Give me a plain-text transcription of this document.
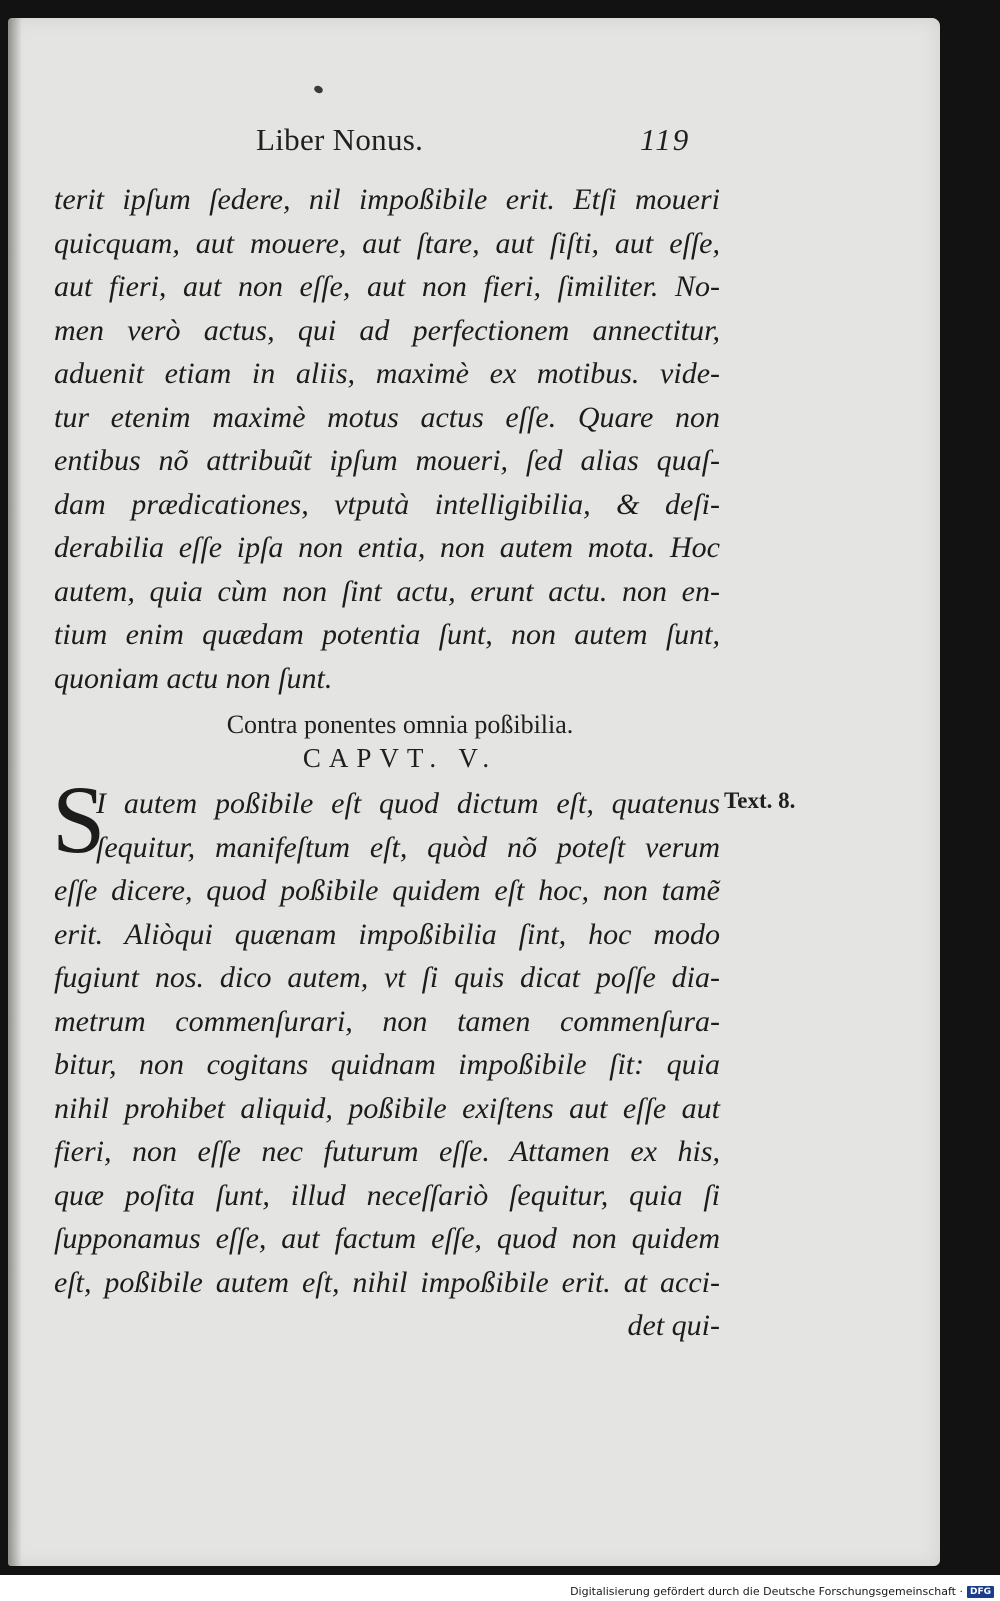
Liber Nonus.	119
terit ipſum ſedere, nil impoßibile erit. Etſi moueri
quicquam, aut mouere, aut ſtare, aut ſiſti, aut eſſe,
aut fieri, aut non eſſe, aut non fieri, ſimiliter. No-
men verò actus, qui ad perfectionem annectitur,
aduenit etiam in aliis, maximè ex motibus. vide-
tur etenim maximè motus actus eſſe. Quare non
entibus nõ attribuũt ipſum moueri, ſed alias quaſ-
dam prædicationes, vtputà intelligibilia, & deſi-
derabilia eſſe ipſa non entia, non autem mota. Hoc
autem, quia cùm non ſint actu, erunt actu. non en-
tium enim quædam potentia ſunt, non autem ſunt,
quoniam actu non ſunt.
Contra ponentes omnia poßibilia.
CAPVT. V.
S	Text. 8.
I autem poßibile eſt quod dictum eſt, quatenus
ſequitur, manifeſtum eſt, quòd nõ poteſt verum
eſſe dicere, quod poßibile quidem eſt hoc, non tamẽ
erit. Aliòqui quænam impoßibilia ſint, hoc modo
fugiunt nos. dico autem, vt ſi quis dicat poſſe dia-
metrum commenſurari, non tamen commenſura-
bitur, non cogitans quidnam impoßibile ſit: quia
nihil prohibet aliquid, poßibile exiſtens aut eſſe aut
fieri, non eſſe nec futurum eſſe. Attamen ex his,
quæ poſita ſunt, illud neceſſariò ſequitur, quia ſi
ſupponamus eſſe, aut factum eſſe, quod non quidem
eſt, poßibile autem eſt, nihil impoßibile erit. at acci-
det qui-
Digitalisierung gefördert durch die Deutsche Forschungsgemeinschaft · DFG
